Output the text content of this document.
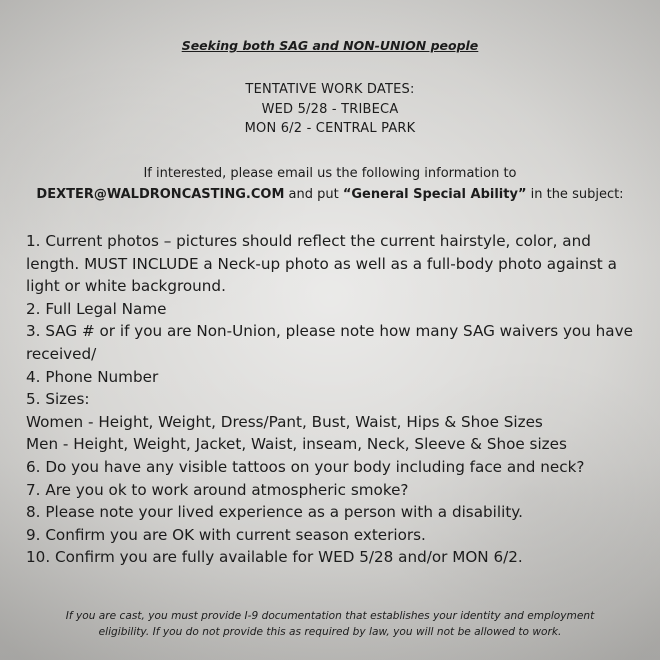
Seeking both SAG and NON-UNION people
TENTATIVE WORK DATES:
WED 5/28 - TRIBECA
MON 6/2 - CENTRAL PARK
If interested, please email us the following information to
DEXTER@WALDRONCASTING.COM and put “General Special Ability” in the subject:
1. Current photos – pictures should reflect the current hairstyle, color, and length. MUST INCLUDE a Neck-up photo as well as a full-body photo against a light or white background.
2. Full Legal Name
3. SAG # or if you are Non-Union, please note how many SAG waivers you have received/
4. Phone Number
5. Sizes:
Women - Height, Weight, Dress/Pant, Bust, Waist, Hips & Shoe Sizes
Men - Height, Weight, Jacket, Waist, inseam, Neck, Sleeve & Shoe sizes
6. Do you have any visible tattoos on your body including face and neck?
7. Are you ok to work around atmospheric smoke?
8. Please note your lived experience as a person with a disability.
9. Confirm you are OK with current season exteriors.
10. Confirm you are fully available for WED 5/28 and/or MON 6/2.
If you are cast, you must provide I-9 documentation that establishes your identity and employment
eligibility. If you do not provide this as required by law, you will not be allowed to work.
